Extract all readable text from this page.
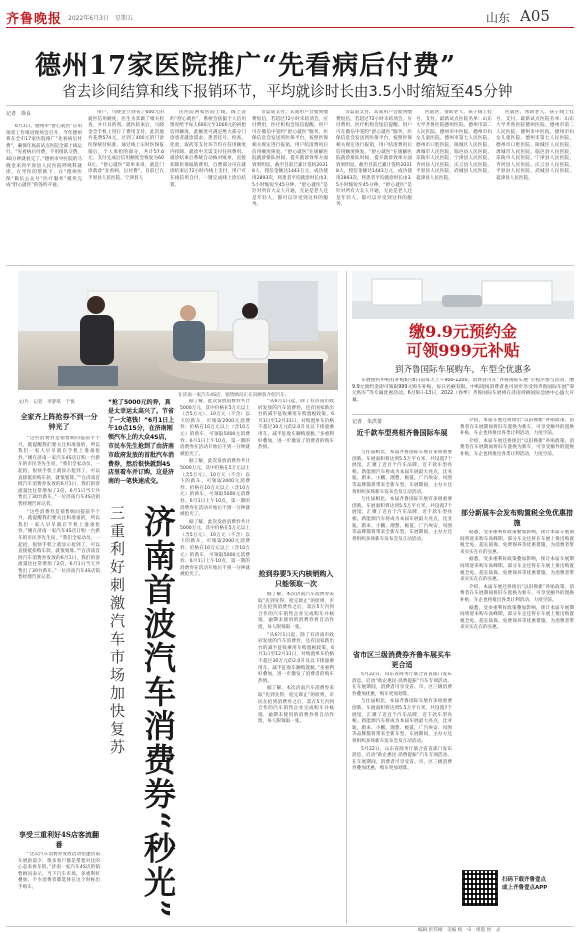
齐鲁晚报 2022年6月3日　星期五	山东 A05
德州17家医院推广“先看病后付费”
省去诊间结算和线下报销环节，平均就诊时长由3.5小时缩短至45分钟
记者　徐良

6月1日，德州市“舒心就医”应用场景工作推进现场会召开，今年德州将在全市17家医院推广“先看病后付费”，确保年底前试点医院全部上线运行。“先看病后付费，不用排队交费，40分钟就看完了。”德州市中医院的马晓金来到平原县人民医院呼吸科就诊，在导医的帮助下，在“德州医保”微信公众号“医疗服务”模块完成“舒心就医”的签约开通。

用户，马晓金立刻省了600元的就医信用额度，医生为其做了相关检查，并开具药剂。就医结束后，马晓金全手机上进行了费用支付，此次他共花费574元，过到了400元的门诊医保统付标准，通过线上实时医保报销后，个人承担的部分，共计57.6元，支付完成后信用额度会恢复为600元。“舒心就医”简单来讲，就是门诊就诊“先看病，后付费”，目前已在平原县人民医院、宁津县人

民医院两家医院上线，线上签约“舒心就医”，系统会依据个人信用情况给予每人600元至1000元的初始信用额度，此额度可满足绝大部分门诊患者就诊需求，患者挂号、检查、化验、取药等支付环节均在信用额度内扣除，就诊中无需支付任何费用。就诊结束后系统自动核对账单，直接扣除医保报销费用，自费部分可在就诊结束后72小时内线上支付，用户可在线信用自付，一键完成线上诊后结算。

等渠道支付。其间用户会收到缴费短信，若超过72小时未结清会，应付费用，医疗机构会短信提醒。用户可在微信中签约“舒心就医”服务，医保信息会发送到医保平台，按照医保相关规定进行报销，用户结清费用后信用额度恢复。“舒心就医”在缓解医院就诊排队时间，提升就诊效率方面效果明显。截至目前已累计签约20318人，授信金额达1443万元，成功使用2893次，将患者平均就诊时长由3.5小时缩短至45分钟。“舒心就医”是针对所有大众人开通，无论是老人还是年轻人，都可以享受到这样的服务。

等渠道支付。其间用户会收到缴费短信，若超过72小时未结清会，应付费用，医疗机构会短信提醒。用户可在微信中签约“舒心就医”服务，医保信息会发送到医保平台，按照医保相关规定进行报销，用户结清费用后信用额度恢复。“舒心就医”在缓解医院就诊排队时间，提升就诊效率方面效果明显。截至目前已累计签约20318人，授信金额达1443万元，成功使用2893次，将患者平均就诊时长由3.5小时缩短至45分钟。“舒心就医”是针对所有大众人开通，无论是老人还是年轻人，都可以享受到这样的服务。

医就医，帮助老人、孩子线上挂号、支付。最新试点医院名单：山东大学齐鲁医院德州医院、德州市第二人民医院、德州市中医院、德州市妇女儿童医院、德州市第七人民医院、德州市口腔医院、陵城区人民医院、禹城市人民医院、临邑县人民医院、乐陵市人民医院、宁津县人民医院、齐河县人民医院、庆云县人民医院、平原县人民医院、武城县人民医院、夏津县人民医院。

医就医，帮助老人、孩子线上挂号、支付。最新试点医院名单：山东大学齐鲁医院德州医院、德州市第二人民医院、德州市中医院、德州市妇女儿童医院、德州市第七人民医院、德州市口腔医院、陵城区人民医院、禹城市人民医院、临邑县人民医院、乐陵市人民医院、宁津县人民医院、齐河县人民医院、庆云县人民医院、平原县人民医院、武城县人民医院、夏津县人民医院。

在济南一家汽车4S店，销售顾问正在向顾客介绍汽车。
文/片　记者　李梦琪　于悦
全家齐上阵抢券不到一分钟光了

“这些消费券是销售顾问提前半个月，就提醒我们要关注和准备的，所以我们一家人早早就在手机上准备抢券。”刚在济南一家汽车4S店订购一台新车的市民李先生说，“我们全家动员，一起抢，很快手机上就显示抢到了，可以直接抵扣购车款，就很划算。”“在济南首批汽车消费券发放的6月1日，我们的客流量比往常增加了2倍。6月1日当天共售出了30台新车。”一位济南汽车4S店销售经理告诉记者。

“这些消费券是销售顾问提前半个月，就提醒我们要关注和准备的，所以我们一家人早早就在手机上准备抢券。”刚在济南一家汽车4S店订购一台新车的市民李先生说，“我们全家动员，一起抢，很快手机上就显示抢到了，可以直接抵扣购车款，就很划算。”“在济南首批汽车消费券发放的6月1日，我们的客流量比往常增加了2倍。6月1日当天共售出了30台新车。”一位济南汽车4S店销售经理告诉记者。

享受三重利好4S店客流翻番

“这次汽车消费券发放活动恰逢济南车展的前夕，很多客户都是带着对比的心态来看车的。”济南一家汽车4S店的销售顾问表示，当下汽车市场，多重利好叠加，不少消费者都选择在这个时候出手购车。

“抢了5000元的券，真是太幸运太高兴了。节省了一大笔钱！”6月1日上午10点15分，在济南刚领汽车上的大众4S店，市民车先生抢到了由济南市政府发放的首批汽车消费券，然后很快就到4S店里看车并订购，这是济南的一笔快速成交。
济南首波汽车消费券“秒光”
三重利好刺激汽车市场加快复苏

据了解，此次发放消费券共计5000万元，其中价格在5万元以上（含5万元）、10万元（不含）以下的新车，可领取2000元消费券；价格在10万元以上（含10万元）的新车，可领取5000元消费券。6月1日上午10点，第一期的消费券在活动开始后不到一分钟就被抢光了。

据了解，此次发放消费券共计5000万元，其中价格在5万元以上（含5万元）、10万元（不含）以下的新车，可领取2000元消费券；价格在10万元以上（含10万元）的新车，可领取5000元消费券。6月1日上午10点，第一期的消费券在活动开始后不到一分钟就被抢光了。

据了解，此次发放消费券共计5000万元，其中价格在5万元以上（含5万元）、10万元（不含）以下的新车，可领取2000元消费券；价格在10万元以上（含10万元）的新车，可领取5000元消费券。6月1日上午10点，第一期的消费券在活动开始后不到一分钟就被抢光了。

“从6月1日起，除了有济南市政府发放的汽车消费券，还有国家新出台的减半征收乘用车购置税政策，6月1日至12月31日，对购置单车价格不超过30万元的2.0升及以下排量乘用车，减半征收车辆购置税。”多重利好叠加，进一步激发了消费者的购车热情。

抢到券要5天内核销购入只能领取一次

据了解，本次济南汽车消费券采取“先到先得，抢完即止”的原则，市民在抢到消费券之后，需在5天内到合作的汽车销售企业完成购车并核销，逾期未使用的消费券将自动作废，每人限领取一张。

“从6月1日起，除了有济南市政府发放的汽车消费券，还有国家新出台的减半征收乘用车购置税政策，6月1日至12月31日，对购置单车价格不超过30万元的2.0升及以下排量乘用车，减半征收车辆购置税。”多重利好叠加，进一步激发了消费者的购车热情。

据了解，本次济南汽车消费券采取“先到先得，抢完即止”的原则，市民在抢到消费券之后，需在5天内到合作的汽车销售企业完成购车并核销，逾期未使用的消费券将自动作废，每人限领取一张。

缴9.9元预约金
可领999元补贴
到齐鲁国际车展购车，车型全优惠多

车展预约申购有补贴6月8日前每天上午900-1200，消费者可在“齐鲁国际车展”小程序参与活动，缴9.9元预约金即可领取999元购车补贴，每日名额有限。中购现场消费者也可同步享受到齐鲁国际车展“零元购车”等专属优惠活动。6月9日-13日，2022（春季）齐鲁国际车展将在济南舜耕国际会展中心盛大开幕。

记者　朱洪蕾
近千款车型亮相齐鲁国际车展

与往届相比，本届齐鲁国际车展有多项重要创新。车展面积将达到5.5万平方米，共设置7个展馆，汇聚了近百个汽车品牌，近千款车型亮相。新能源汽车将成为本届车展最大亮点，比亚迪、蔚来、小鹏、理想、极氪、广汽埃安、岚图等品牌都将带来全新车型。车展期间，主办方还将组织多场新车发布会及互动活动。

与往届相比，本届齐鲁国际车展有多项重要创新。车展面积将达到5.5万平方米，共设置7个展馆，汇聚了近百个汽车品牌，近千款车型亮相。新能源汽车将成为本届车展最大亮点，比亚迪、蔚来、小鹏、理想、极氪、广汽埃安、岚图等品牌都将带来全新车型。车展期间，主办方还将组织多场新车发布会及互动活动。

省市区三级消费券齐鲁车展买车更合适

5月22日，山东省商务厅联合省直部门发布消息，启动“助企惠民·消费提振”汽车专项活动。在车展期间，消费者可享受省、市、区三级消费券叠加优惠，购车更加划算。

与往届相比，本届齐鲁国际车展有多项重要创新。车展面积将达到5.5万平方米，共设置7个展馆，汇聚了近百个汽车品牌，近千款车型亮相。新能源汽车将成为本届车展最大亮点，比亚迪、蔚来、小鹏、理想、极氪、广汽埃安、岚图等品牌都将带来全新车型。车展期间，主办方还将组织多场新车发布会及互动活动。

5月22日，山东省商务厅联合省直部门发布消息，启动“助企惠民·消费提振”汽车专项活动。在车展期间，消费者可享受省、市、区三级消费券叠加优惠，购车更加划算。

介绍，本届车展还将推出“以旧换新”补贴政策，消费者在车展期间将旧车置换为新车，可享受额外的置换补贴，车企也将推出各类让利活动，力度空前。

介绍，本届车展还将推出“以旧换新”补贴政策，消费者在车展期间将旧车置换为新车，可享受额外的置换补贴，车企也将推出各类让利活动，力度空前。

部分新展车会发布购置税全免优惠措施

据悉，受多重利好政策叠加影响，预计本届车展期间将迎来购车高峰期。部分车企还将在车展上推出购置税全免、超长质保、免费保养等优惠措施，为消费者带来实实在在的实惠。

据悉，受多重利好政策叠加影响，预计本届车展期间将迎来购车高峰期。部分车企还将在车展上推出购置税全免、超长质保、免费保养等优惠措施，为消费者带来实实在在的实惠。

介绍，本届车展还将推出“以旧换新”补贴政策，消费者在车展期间将旧车置换为新车，可享受额外的置换补贴，车企也将推出各类让利活动，力度空前。

据悉，受多重利好政策叠加影响，预计本届车展期间将迎来购车高峰期。部分车企还将在车展上推出购置税全免、超长质保、免费保养等优惠措施，为消费者带来实实在在的实惠。

扫码下载齐鲁壹点
或上齐鲁壹点APP
编辑 彭伟刚　美编 杨　卓　组版 侯　灵
